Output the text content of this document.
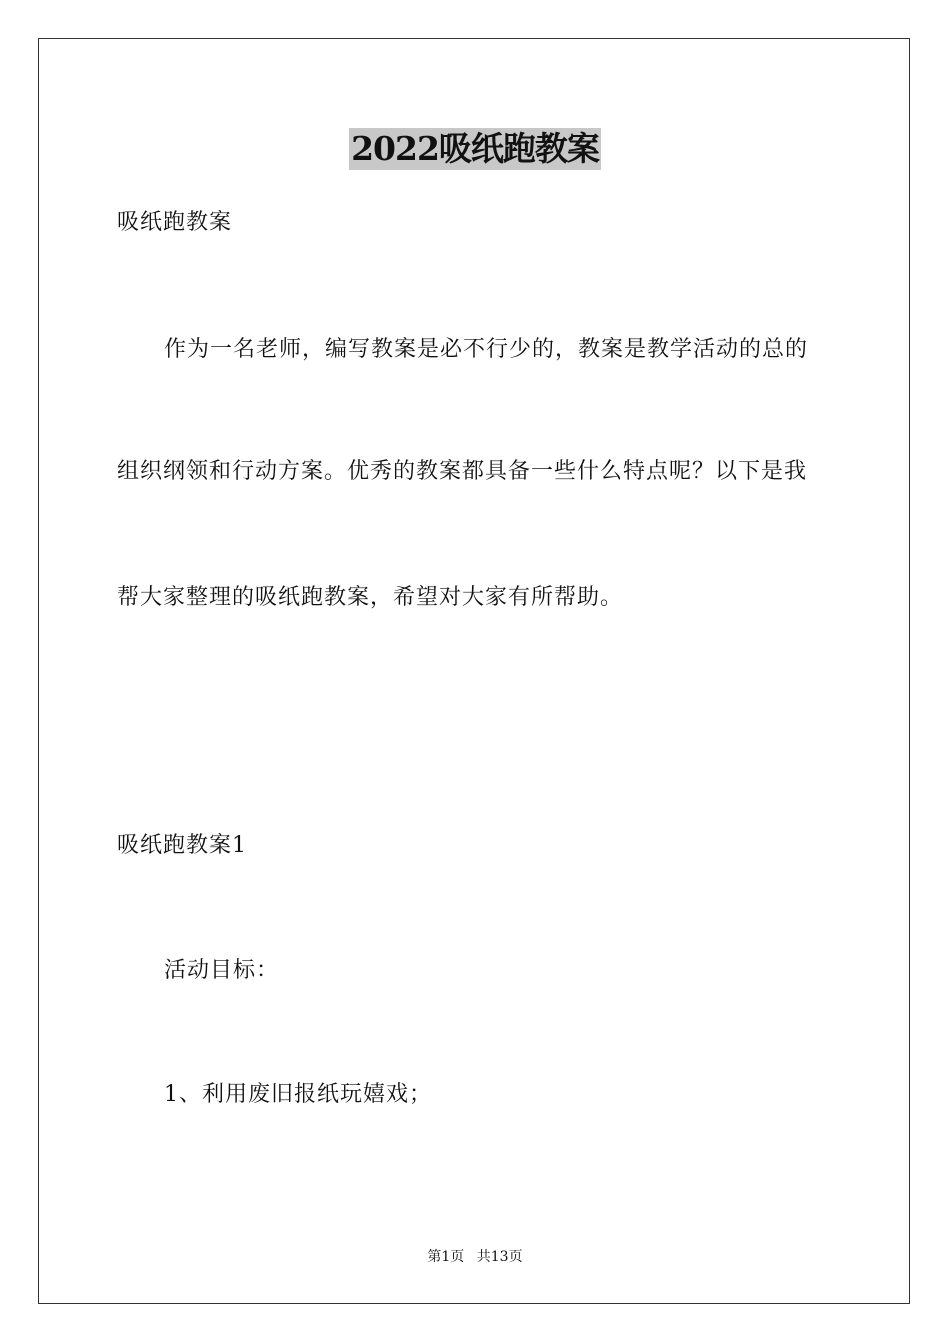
2022吸纸跑教案
吸纸跑教案
作为一名老师，编写教案是必不行少的，教案是教学活动的总的
组织纲领和行动方案。优秀的教案都具备一些什么特点呢？以下是我
帮大家整理的吸纸跑教案，希望对大家有所帮助。
吸纸跑教案1
活动目标：
1、利用废旧报纸玩嬉戏；
第1页 共13页
